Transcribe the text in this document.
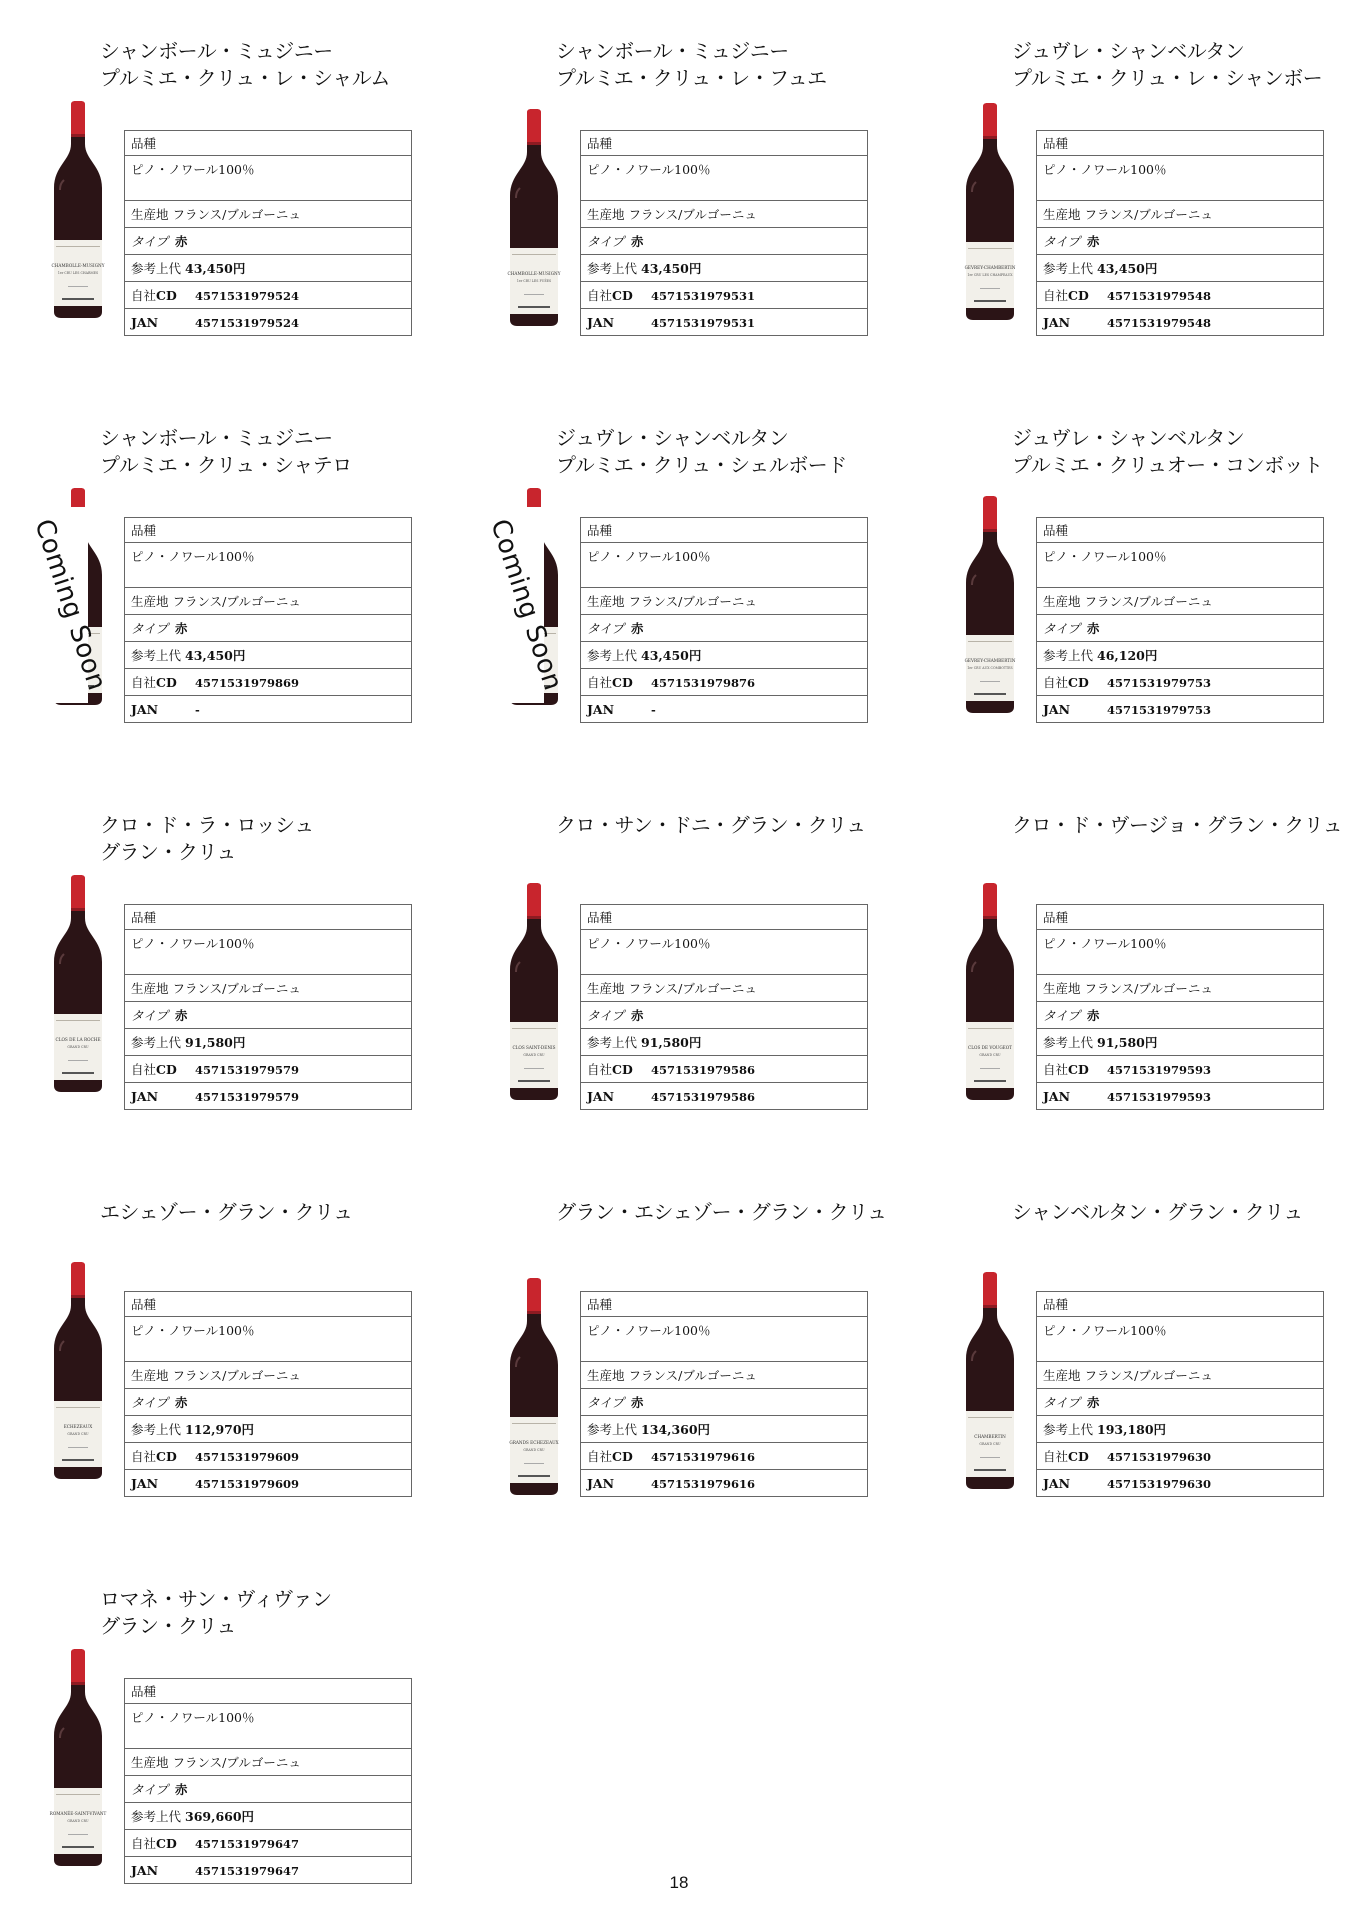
シャンボール・ミュジニー
プルミエ・クリュ・レ・シャルム
CHAMBOLLE-MUSIGNY
1er CRU LES CHARMES
品種
ピノ・ノワール100％
生産地 フランス/ブルゴーニュ
タイプ 赤
参考上代 43,450円
自社CD 4571531979524
JAN	4571531979524
シャンボール・ミュジニー
プルミエ・クリュ・レ・フュエ
CHAMBOLLE-MUSIGNY
1er CRU LES FUÉES
品種
ピノ・ノワール100％
生産地 フランス/ブルゴーニュ
タイプ 赤
参考上代 43,450円
自社CD 4571531979531
JAN	4571531979531
ジュヴレ・シャンベルタン
プルミエ・クリュ・レ・シャンボー
GEVREY-CHAMBERTIN
1er CRU LES CHAMPEAUX
品種
ピノ・ノワール100％
生産地 フランス/ブルゴーニュ
タイプ 赤
参考上代 43,450円
自社CD 4571531979548
JAN	4571531979548
シャンボール・ミュジニー
プルミエ・クリュ・シャテロ
Coming Soon 品種
ピノ・ノワール100％
生産地 フランス/ブルゴーニュ
タイプ 赤
参考上代 43,450円
自社CD 4571531979869
JAN	-
ジュヴレ・シャンベルタン
プルミエ・クリュ・シェルボード
Coming Soon 品種
ピノ・ノワール100％
生産地 フランス/ブルゴーニュ
タイプ 赤
参考上代 43,450円
自社CD 4571531979876
JAN	-
ジュヴレ・シャンベルタン
プルミエ・クリュオー・コンボット
GEVREY-CHAMBERTIN
1er CRU AUX COMBOTTES
品種
ピノ・ノワール100％
生産地 フランス/ブルゴーニュ
タイプ 赤
参考上代 46,120円
自社CD 4571531979753
JAN	4571531979753
クロ・ド・ラ・ロッシュ
グラン・クリュ
CLOS DE LA ROCHE
GRAND CRU
品種
ピノ・ノワール100％
生産地 フランス/ブルゴーニュ
タイプ 赤
参考上代 91,580円
自社CD 4571531979579
JAN	4571531979579
クロ・サン・ドニ・グラン・クリュ
CLOS SAINT-DENIS
GRAND CRU
品種
ピノ・ノワール100％
生産地 フランス/ブルゴーニュ
タイプ 赤
参考上代 91,580円
自社CD 4571531979586
JAN	4571531979586
クロ・ド・ヴージョ・グラン・クリュ
CLOS DE VOUGEOT
GRAND CRU
品種
ピノ・ノワール100％
生産地 フランス/ブルゴーニュ
タイプ 赤
参考上代 91,580円
自社CD 4571531979593
JAN	4571531979593
エシェゾー・グラン・クリュ
ECHEZEAUX
GRAND CRU
品種
ピノ・ノワール100％
生産地 フランス/ブルゴーニュ
タイプ 赤
参考上代 112,970円
自社CD 4571531979609
JAN	4571531979609
グラン・エシェゾー・グラン・クリュ
GRANDS ECHEZEAUX
GRAND CRU
品種
ピノ・ノワール100％
生産地 フランス/ブルゴーニュ
タイプ 赤
参考上代 134,360円
自社CD 4571531979616
JAN	4571531979616
シャンベルタン・グラン・クリュ
CHAMBERTIN
GRAND CRU
品種
ピノ・ノワール100％
生産地 フランス/ブルゴーニュ
タイプ 赤
参考上代 193,180円
自社CD 4571531979630
JAN	4571531979630
ロマネ・サン・ヴィヴァン
グラン・クリュ
ROMANÉE-SAINT-VIVANT
GRAND CRU
品種
ピノ・ノワール100％
生産地 フランス/ブルゴーニュ
タイプ 赤
参考上代 369,660円
自社CD 4571531979647
JAN	4571531979647
18
